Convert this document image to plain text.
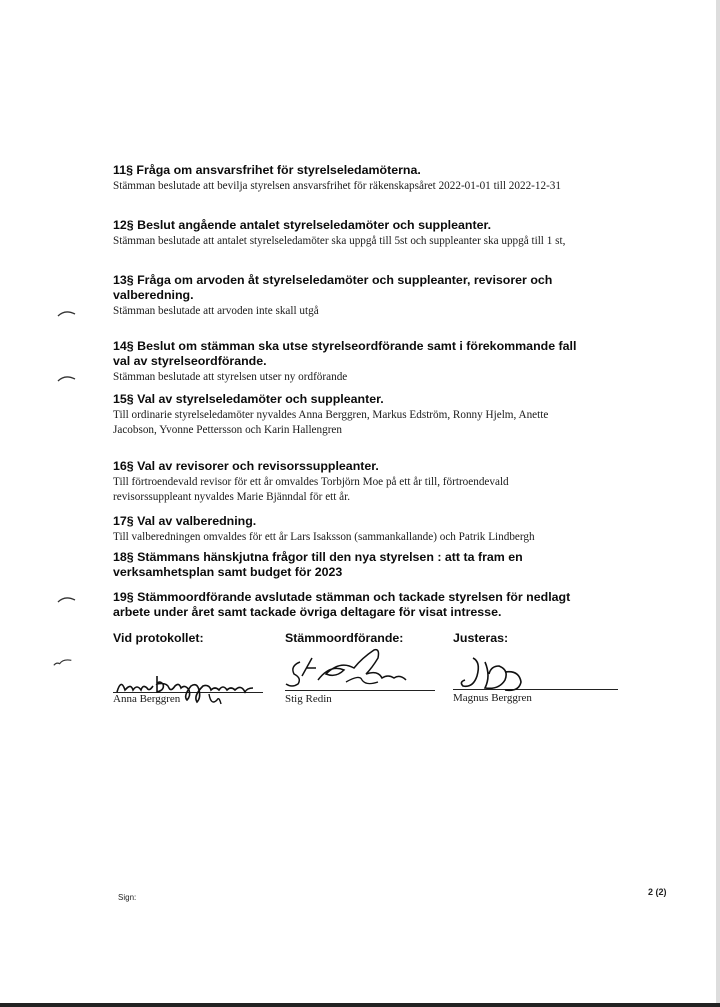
11§ Fråga om ansvarsfrihet för styrelseledamöterna.
Stämman beslutade att bevilja styrelsen ansvarsfrihet för räkenskapsåret 2022-01-01 till 2022-12-31
12§ Beslut angående antalet styrelseledamöter och suppleanter.
Stämman beslutade att antalet styrelseledamöter ska uppgå till 5st och suppleanter ska uppgå till 1 st,
13§ Fråga om arvoden åt styrelseledamöter och suppleanter, revisorer och valberedning.
Stämman beslutade att arvoden inte skall utgå
14§ Beslut om stämman ska utse styrelseordförande samt i förekommande fall val av styrelseordförande.
Stämman beslutade att styrelsen utser ny ordförande
15§ Val av styrelseledamöter och suppleanter.
Till ordinarie styrelseledamöter nyvaldes Anna Berggren, Markus Edström, Ronny Hjelm, Anette Jacobson, Yvonne Pettersson och Karin Hallengren
16§ Val av revisorer och revisorssuppleanter.
Till förtroendevald revisor för ett år omvaldes Torbjörn Moe på ett år till, förtroendevald revisorssuppleant nyvaldes Marie Bjänndal för ett år.
17§ Val av valberedning.
Till valberedningen omvaldes för ett år Lars Isaksson (sammankallande) och Patrik Lindbergh
18§ Stämmans hänskjutna frågor till den nya styrelsen : att ta fram en verksamhetsplan samt budget för 2023
19§ Stämmoordförande avslutade stämman och tackade styrelsen för nedlagt arbete under året samt tackade övriga deltagare för visat intresse.
Vid protokollet:	Stämmoordförande:	Justeras:
Anna Berggren	Stig Redin	Magnus Berggren
Sign:
2 (2)
